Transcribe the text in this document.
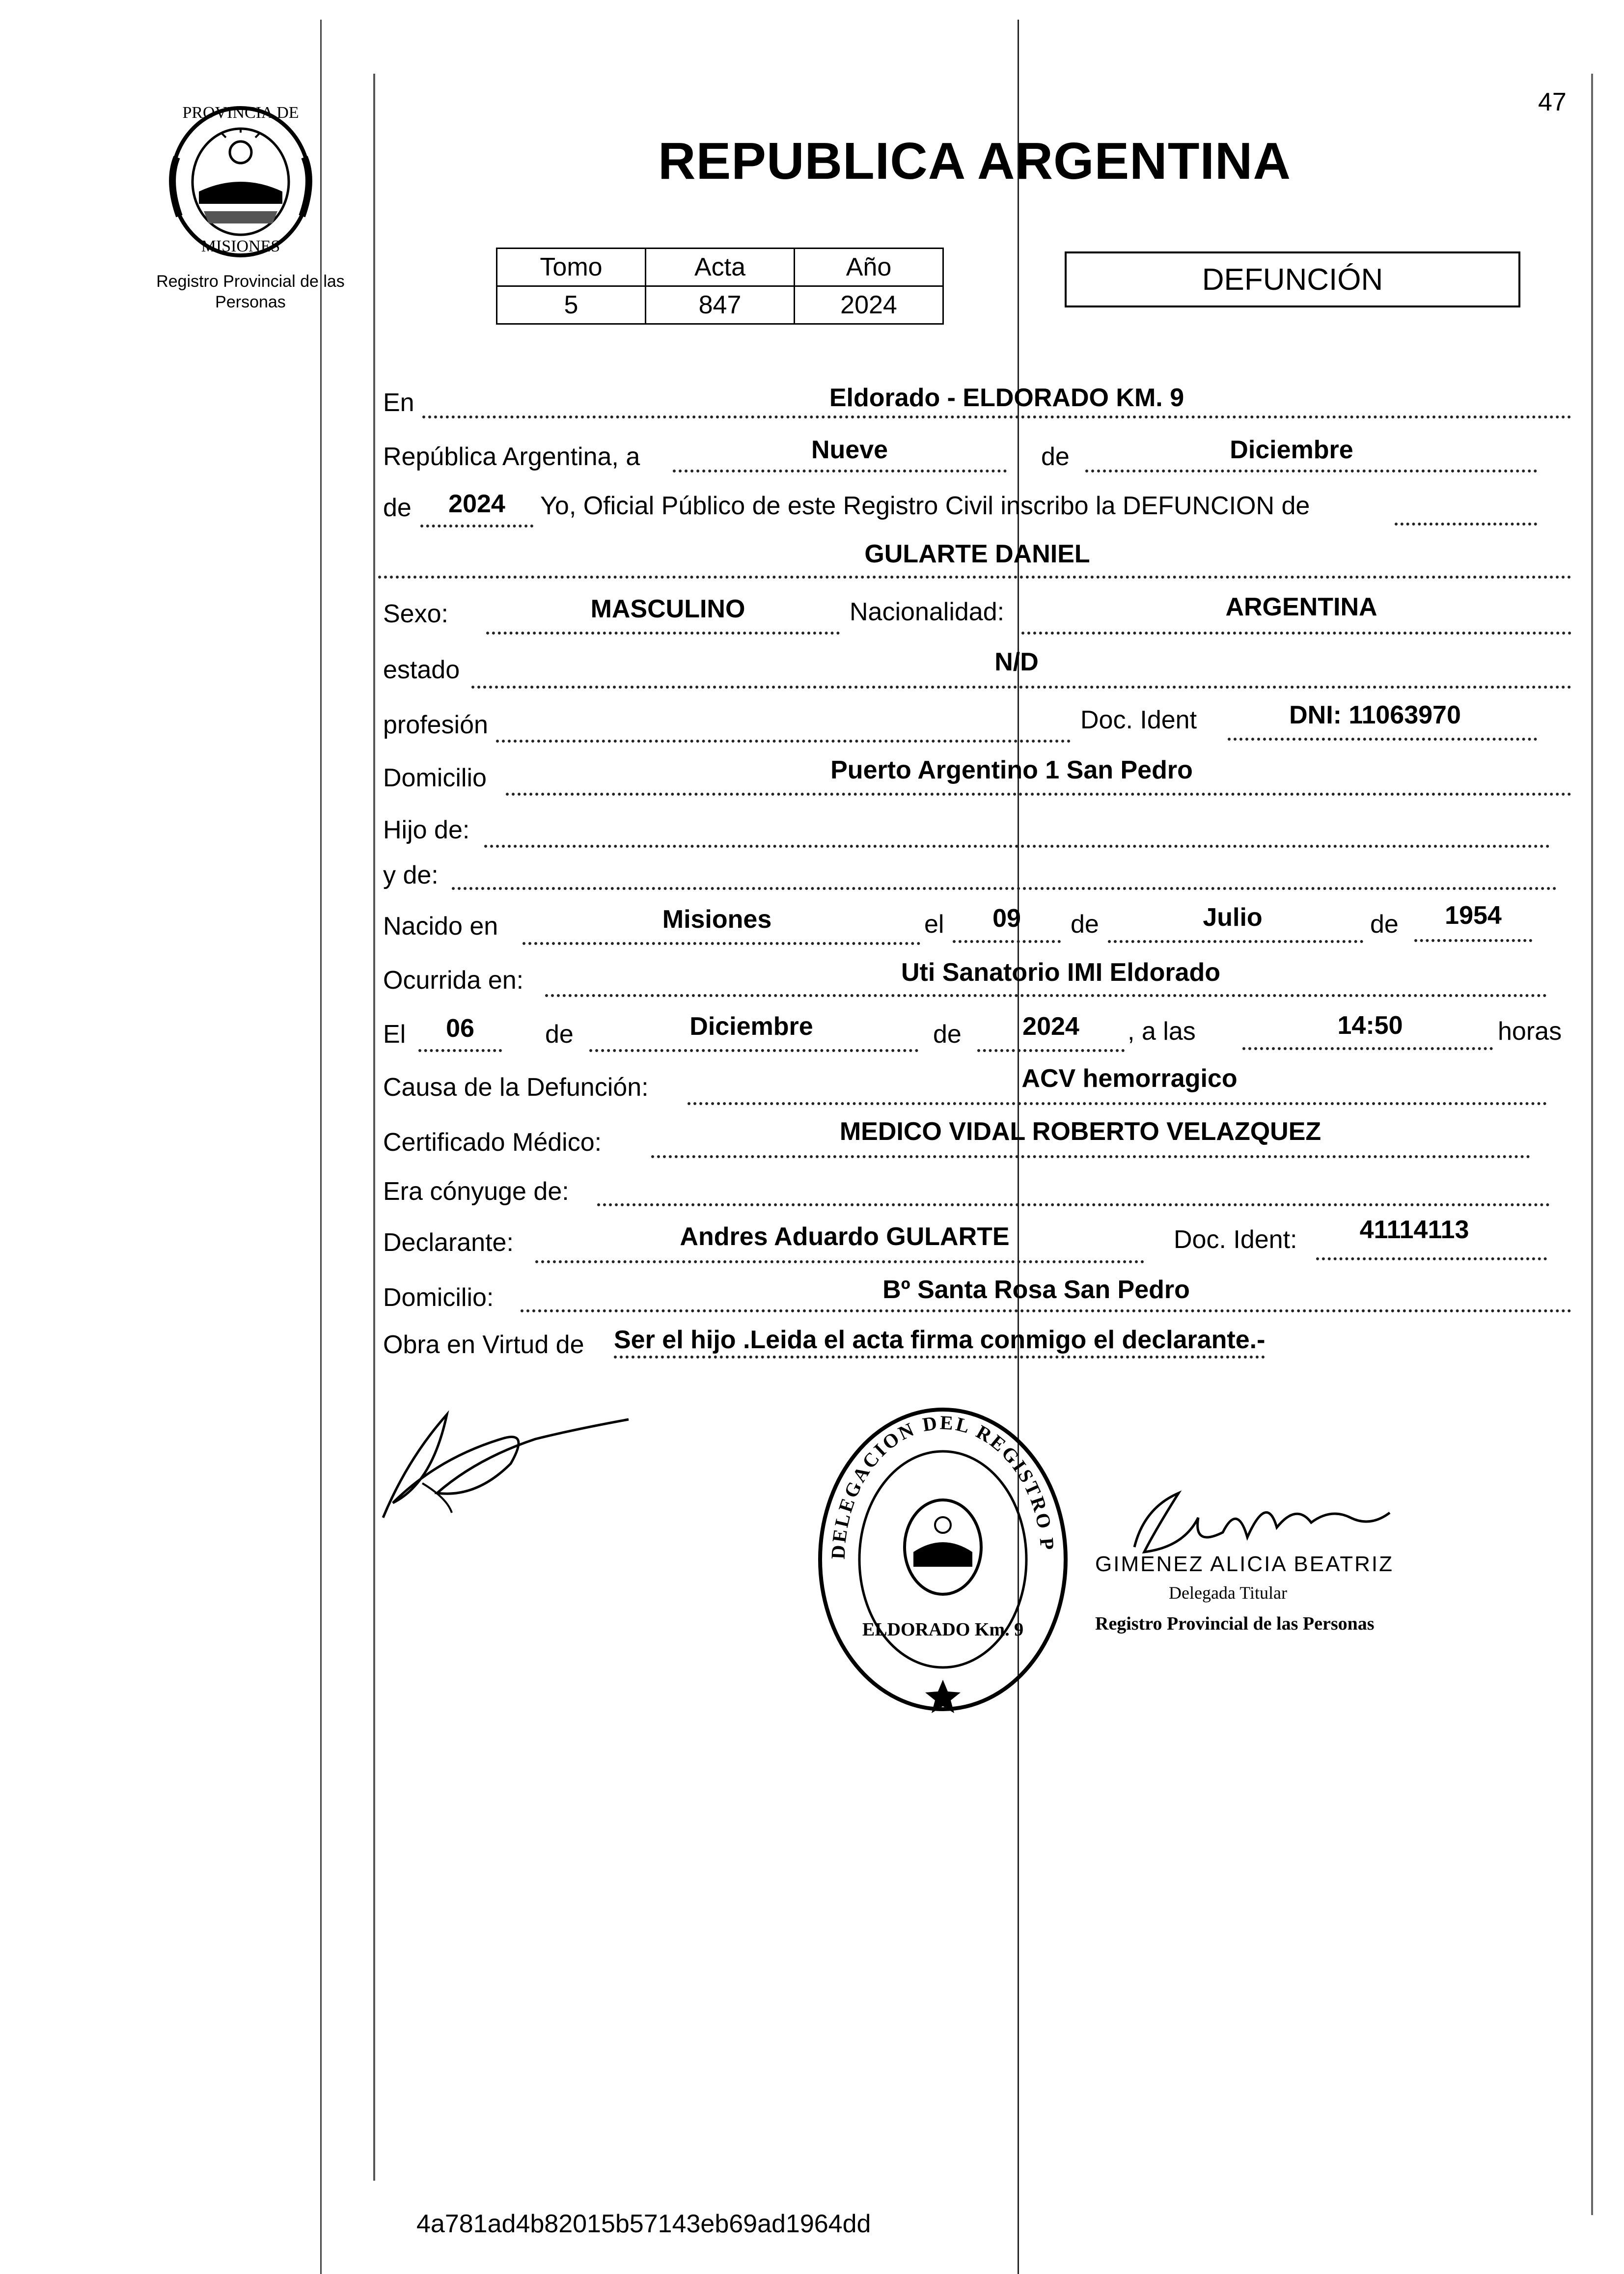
47
PROVINCIA DE
MISIONES
Registro Provincial de las Personas
REPUBLICA ARGENTINA
Tomo	Acta	Año
5	847	2024
DEFUNCIÓN
En	Eldorado - ELDORADO KM. 9
República Argentina, a	Nueve	de	Diciembre
de	2024	Yo, Oficial Público de este Registro Civil inscribo la DEFUNCION de
GULARTE DANIEL
Sexo:	MASCULINO	Nacionalidad:	ARGENTINA
estado	N/D
profesión	Doc. Ident	DNI: 11063970
Domicilio	Puerto Argentino 1 San Pedro
Hijo de:
y de:
Nacido en	Misiones	el	09	de	Julio	de	1954
Ocurrida en:	Uti Sanatorio IMI Eldorado
El	06	de	Diciembre	de	2024	, a las	14:50	horas
Causa de la Defunción:	ACV hemorragico
Certificado Médico:	MEDICO VIDAL ROBERTO VELAZQUEZ
Era cónyuge de:
Declarante:	Andres Aduardo GULARTE	Doc. Ident:	41114113
Domicilio:	Bº Santa Rosa San Pedro
Obra en Virtud de Ser el hijo .Leida el acta firma conmigo el declarante.-
DELEGACION DEL REGISTRO P
ELDORADO Km. 9
GIMENEZ ALICIA BEATRIZ
Delegada Titular
Registro Provincial de las Personas
4a781ad4b82015b57143eb69ad1964dd
